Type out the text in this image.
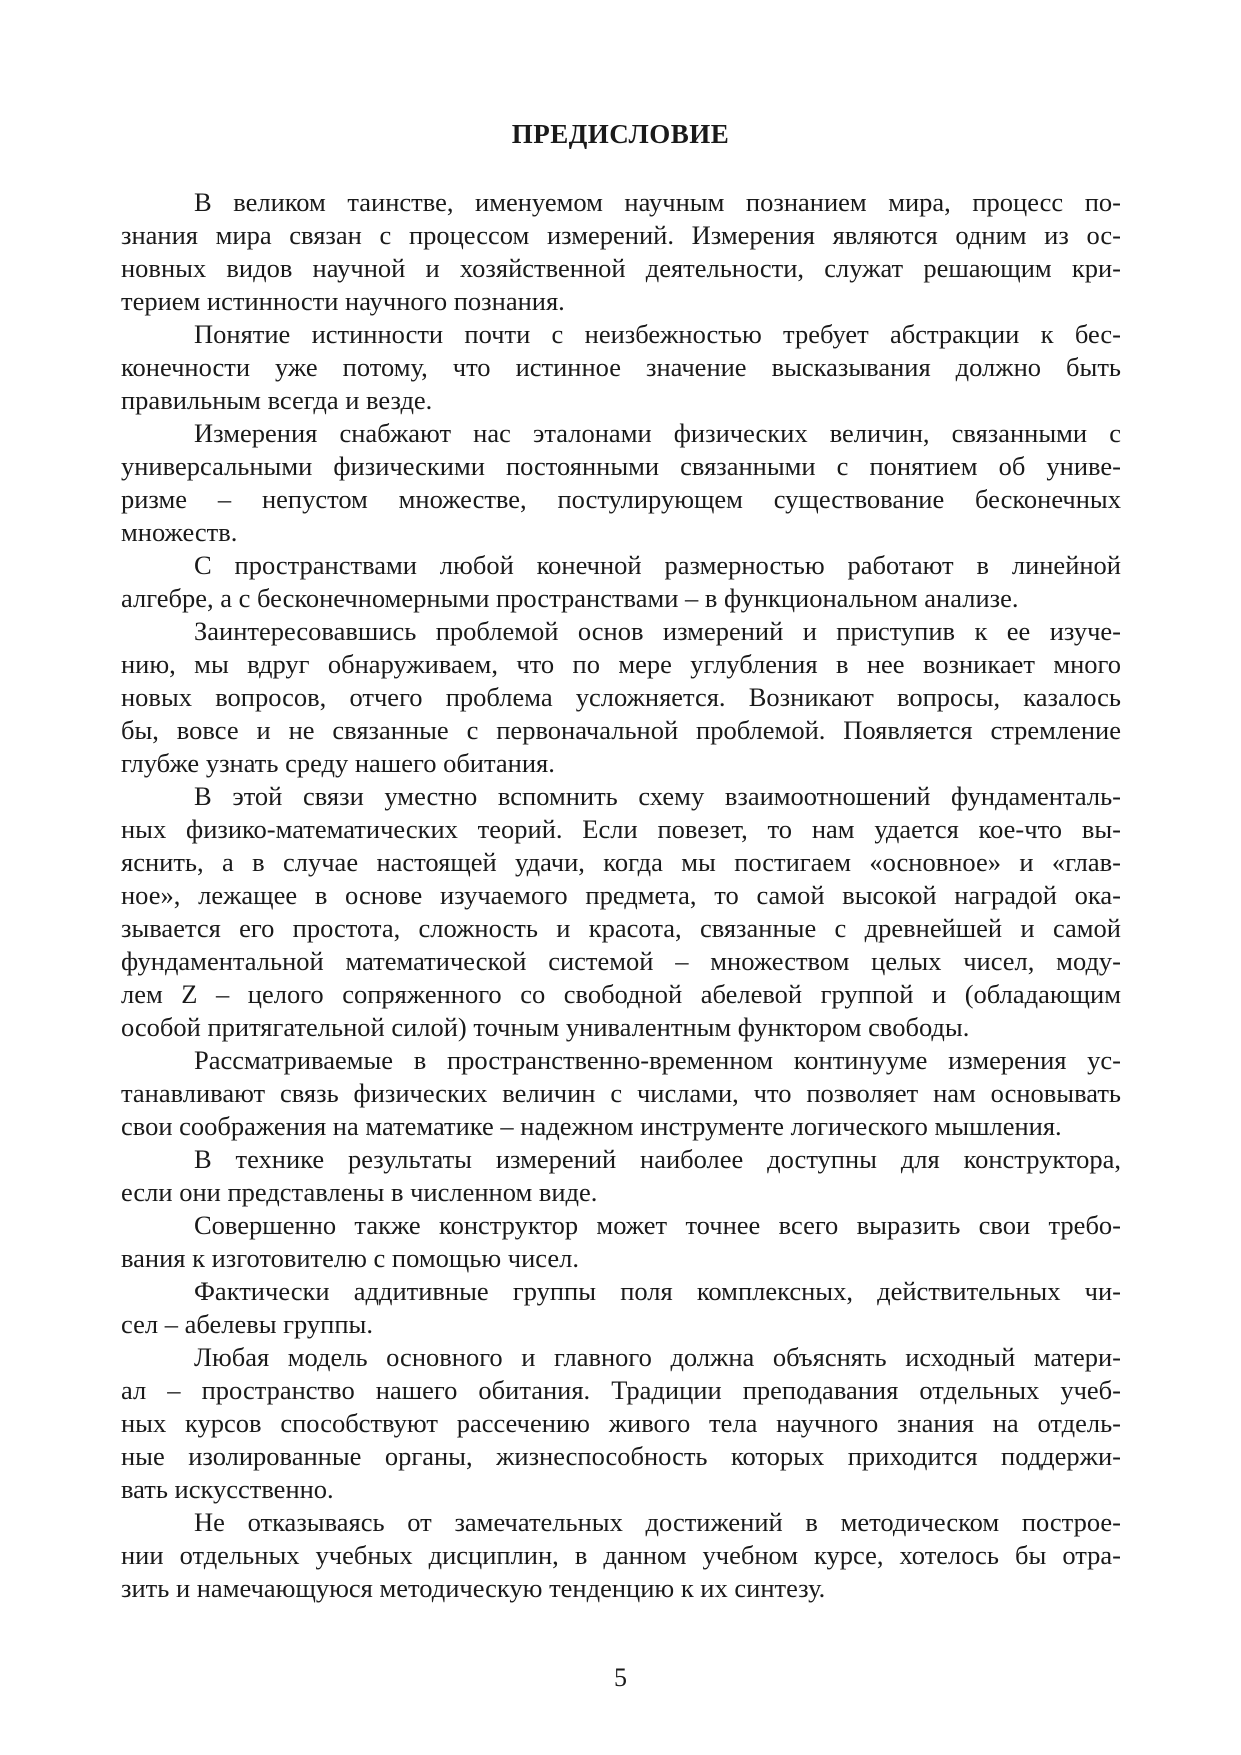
ПРЕДИСЛОВИЕ
В великом таинстве, именуемом научным познанием мира, процесс по-
знания мира связан с процессом измерений. Измерения являются одним из ос-
новных видов научной и хозяйственной деятельности, служат решающим кри-
терием истинности научного познания.
Понятие истинности почти с неизбежностью требует абстракции к бес-
конечности уже потому, что истинное значение высказывания должно быть
правильным всегда и везде.
Измерения снабжают нас эталонами физических величин, связанными с
универсальными физическими постоянными связанными с понятием об униве-
ризме – непустом множестве, постулирующем существование бесконечных
множеств.
С пространствами любой конечной размерностью работают в линейной
алгебре, а с бесконечномерными пространствами – в функциональном анализе.
Заинтересовавшись проблемой основ измерений и приступив к ее изуче-
нию, мы вдруг обнаруживаем, что по мере углубления в нее возникает много
новых вопросов, отчего проблема усложняется. Возникают вопросы, казалось
бы, вовсе и не связанные с первоначальной проблемой. Появляется стремление
глубже узнать среду нашего обитания.
В этой связи уместно вспомнить схему взаимоотношений фундаменталь-
ных физико-математических теорий. Если повезет, то нам удается кое-что вы-
яснить, а в случае настоящей удачи, когда мы постигаем «основное» и «глав-
ное», лежащее в основе изучаемого предмета, то самой высокой наградой ока-
зывается его простота, сложность и красота, связанные с древнейшей и самой
фундаментальной математической системой – множеством целых чисел, моду-
лем Z – целого сопряженного со свободной абелевой группой и (обладающим
особой притягательной силой) точным унивалентным функтором свободы.
Рассматриваемые в пространственно-временном континууме измерения ус-
танавливают связь физических величин с числами, что позволяет нам основывать
свои соображения на математике – надежном инструменте логического мышления.
В технике результаты измерений наиболее доступны для конструктора,
если они представлены в численном виде.
Совершенно также конструктор может точнее всего выразить свои требо-
вания к изготовителю с помощью чисел.
Фактически аддитивные группы поля комплексных, действительных чи-
сел – абелевы группы.
Любая модель основного и главного должна объяснять исходный матери-
ал – пространство нашего обитания. Традиции преподавания отдельных учеб-
ных курсов способствуют рассечению живого тела научного знания на отдель-
ные изолированные органы, жизнеспособность которых приходится поддержи-
вать искусственно.
Не отказываясь от замечательных достижений в методическом построе-
нии отдельных учебных дисциплин, в данном учебном курсе, хотелось бы отра-
зить и намечающуюся методическую тенденцию к их синтезу.
5
